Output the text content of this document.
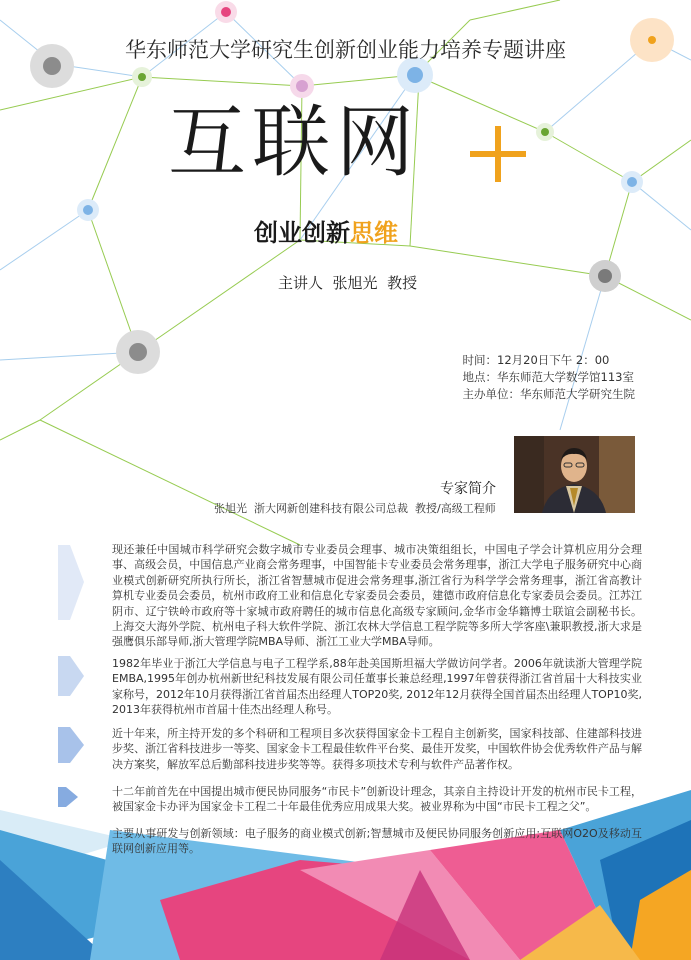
华东师范大学研究生创新创业能力培养专题讲座
互联网
创业创新思维
主讲人  张旭光  教授
时间：12月20日下午 2：00
地点：华东师范大学数学馆113室
主办单位：华东师范大学研究生院
专家简介
张旭光  浙大网新创建科技有限公司总裁  教授/高级工程师
现还兼任中国城市科学研究会数字城市专业委员会理事、城市决策组组长，中国电子学会计算机应用分会理事、高级会员，中国信息产业商会常务理事，中国智能卡专业委员会常务理事，浙江大学电子服务研究中心商业模式创新研究所执行所长，浙江省智慧城市促进会常务理事,浙江省行为科学学会常务理事，浙江省高教计算机专业委员会委员，杭州市政府工业和信息化专家委员会委员，建德市政府信息化专家委员会委员。江苏江阴市、辽宁铁岭市政府等十家城市政府聘任的城市信息化高级专家顾问,金华市金华籍博士联谊会副秘书长。上海交大海外学院、杭州电子科大软件学院、浙江农林大学信息工程学院等多所大学客座\兼职教授,浙大求是强鹰俱乐部导师,浙大管理学院MBA导师、浙江工业大学MBA导师。
1982年毕业于浙江大学信息与电子工程学系,88年赴美国斯坦福大学做访问学者。2006年就读浙大管理学院EMBA,1995年创办杭州新世纪科技发展有限公司任董事长兼总经理,1997年曾获得浙江省首届十大科技实业家称号，2012年10月获得浙江省首届杰出经理人TOP20奖, 2012年12月获得全国首届杰出经理人TOP10奖, 2013年获得杭州市首届十佳杰出经理人称号。
近十年来，所主持开发的多个科研和工程项目多次获得国家金卡工程自主创新奖，国家科技部、住建部科技进步奖、浙江省科技进步一等奖、国家金卡工程最佳软件平台奖、最佳开发奖，中国软件协会优秀软件产品与解决方案奖，解放军总后勤部科技进步奖等等。获得多项技术专利与软件产品著作权。
十二年前首先在中国提出城市便民协同服务“市民卡”创新设计理念，其亲自主持设计开发的杭州市民卡工程，被国家金卡办评为国家金卡工程二十年最佳优秀应用成果大奖。被业界称为中国“市民卡工程之父”。
主要从事研发与创新领域：电子服务的商业模式创新;智慧城市及便民协同服务创新应用;互联网O2O及移动互联网创新应用等。
